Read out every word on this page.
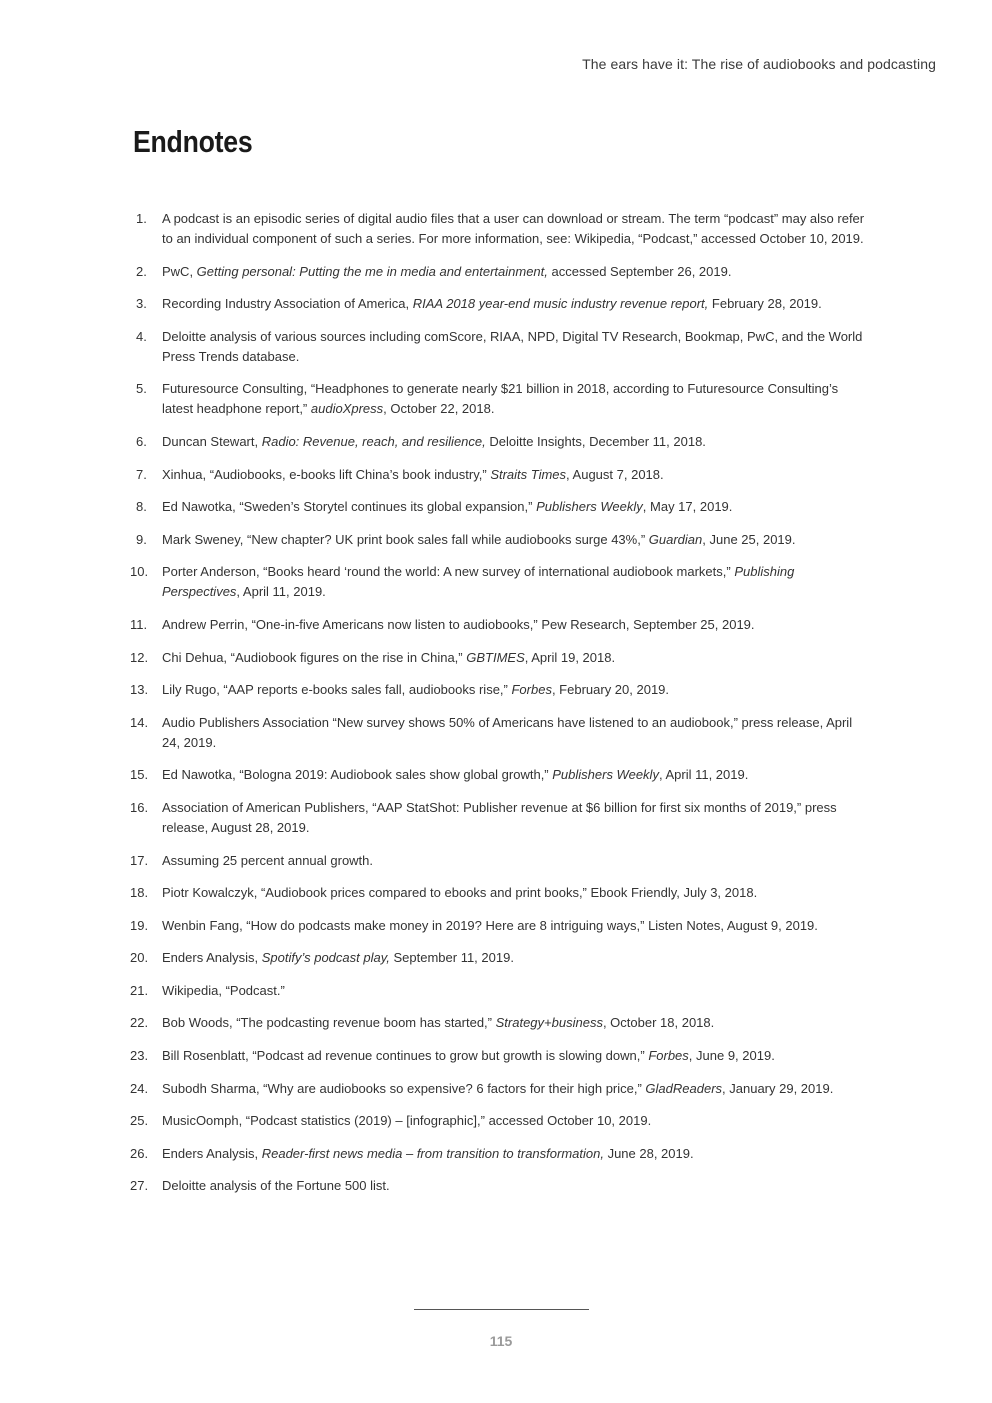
The ears have it: The rise of audiobooks and podcasting
Endnotes
1.	A podcast is an episodic series of digital audio files that a user can download or stream. The term “podcast” may also refer to an individual component of such a series. For more information, see: Wikipedia, “Podcast,” accessed October 10, 2019.
2.	PwC, Getting personal: Putting the me in media and entertainment, accessed September 26, 2019.
3.	Recording Industry Association of America, RIAA 2018 year-end music industry revenue report, February 28, 2019.
4.	Deloitte analysis of various sources including comScore, RIAA, NPD, Digital TV Research, Bookmap, PwC, and the World Press Trends database.
5.	Futuresource Consulting, “Headphones to generate nearly $21 billion in 2018, according to Futuresource Consulting’s latest headphone report,” audioXpress, October 22, 2018.
6.	Duncan Stewart, Radio: Revenue, reach, and resilience, Deloitte Insights, December 11, 2018.
7.	Xinhua, “Audiobooks, e-books lift China’s book industry,” Straits Times, August 7, 2018.
8.	Ed Nawotka, “Sweden’s Storytel continues its global expansion,” Publishers Weekly, May 17, 2019.
9.	Mark Sweney, “New chapter? UK print book sales fall while audiobooks surge 43%,” Guardian, June 25, 2019.
10.	Porter Anderson, “Books heard ‘round the world: A new survey of international audiobook markets,” Publishing Perspectives, April 11, 2019.
11.	Andrew Perrin, “One-in-five Americans now listen to audiobooks,” Pew Research, September 25, 2019.
12.	Chi Dehua, “Audiobook figures on the rise in China,” GBTIMES, April 19, 2018.
13.	Lily Rugo, “AAP reports e-books sales fall, audiobooks rise,” Forbes, February 20, 2019.
14.	Audio Publishers Association “New survey shows 50% of Americans have listened to an audiobook,” press release, April 24, 2019.
15.	Ed Nawotka, “Bologna 2019: Audiobook sales show global growth,” Publishers Weekly, April 11, 2019.
16.	Association of American Publishers, “AAP StatShot: Publisher revenue at $6 billion for first six months of 2019,” press release, August 28, 2019.
17.	Assuming 25 percent annual growth.
18.	Piotr Kowalczyk, “Audiobook prices compared to ebooks and print books,” Ebook Friendly, July 3, 2018.
19.	Wenbin Fang, “How do podcasts make money in 2019? Here are 8 intriguing ways,” Listen Notes, August 9, 2019.
20.	Enders Analysis, Spotify’s podcast play, September 11, 2019.
21.	Wikipedia, “Podcast.”
22.	Bob Woods, “The podcasting revenue boom has started,” Strategy+business, October 18, 2018.
23.	Bill Rosenblatt, “Podcast ad revenue continues to grow but growth is slowing down,” Forbes, June 9, 2019.
24.	Subodh Sharma, “Why are audiobooks so expensive? 6 factors for their high price,” GladReaders, January 29, 2019.
25.	MusicOomph, “Podcast statistics (2019) – [infographic],” accessed October 10, 2019.
26.	Enders Analysis, Reader-first news media – from transition to transformation, June 28, 2019.
27.	Deloitte analysis of the Fortune 500 list.
115
